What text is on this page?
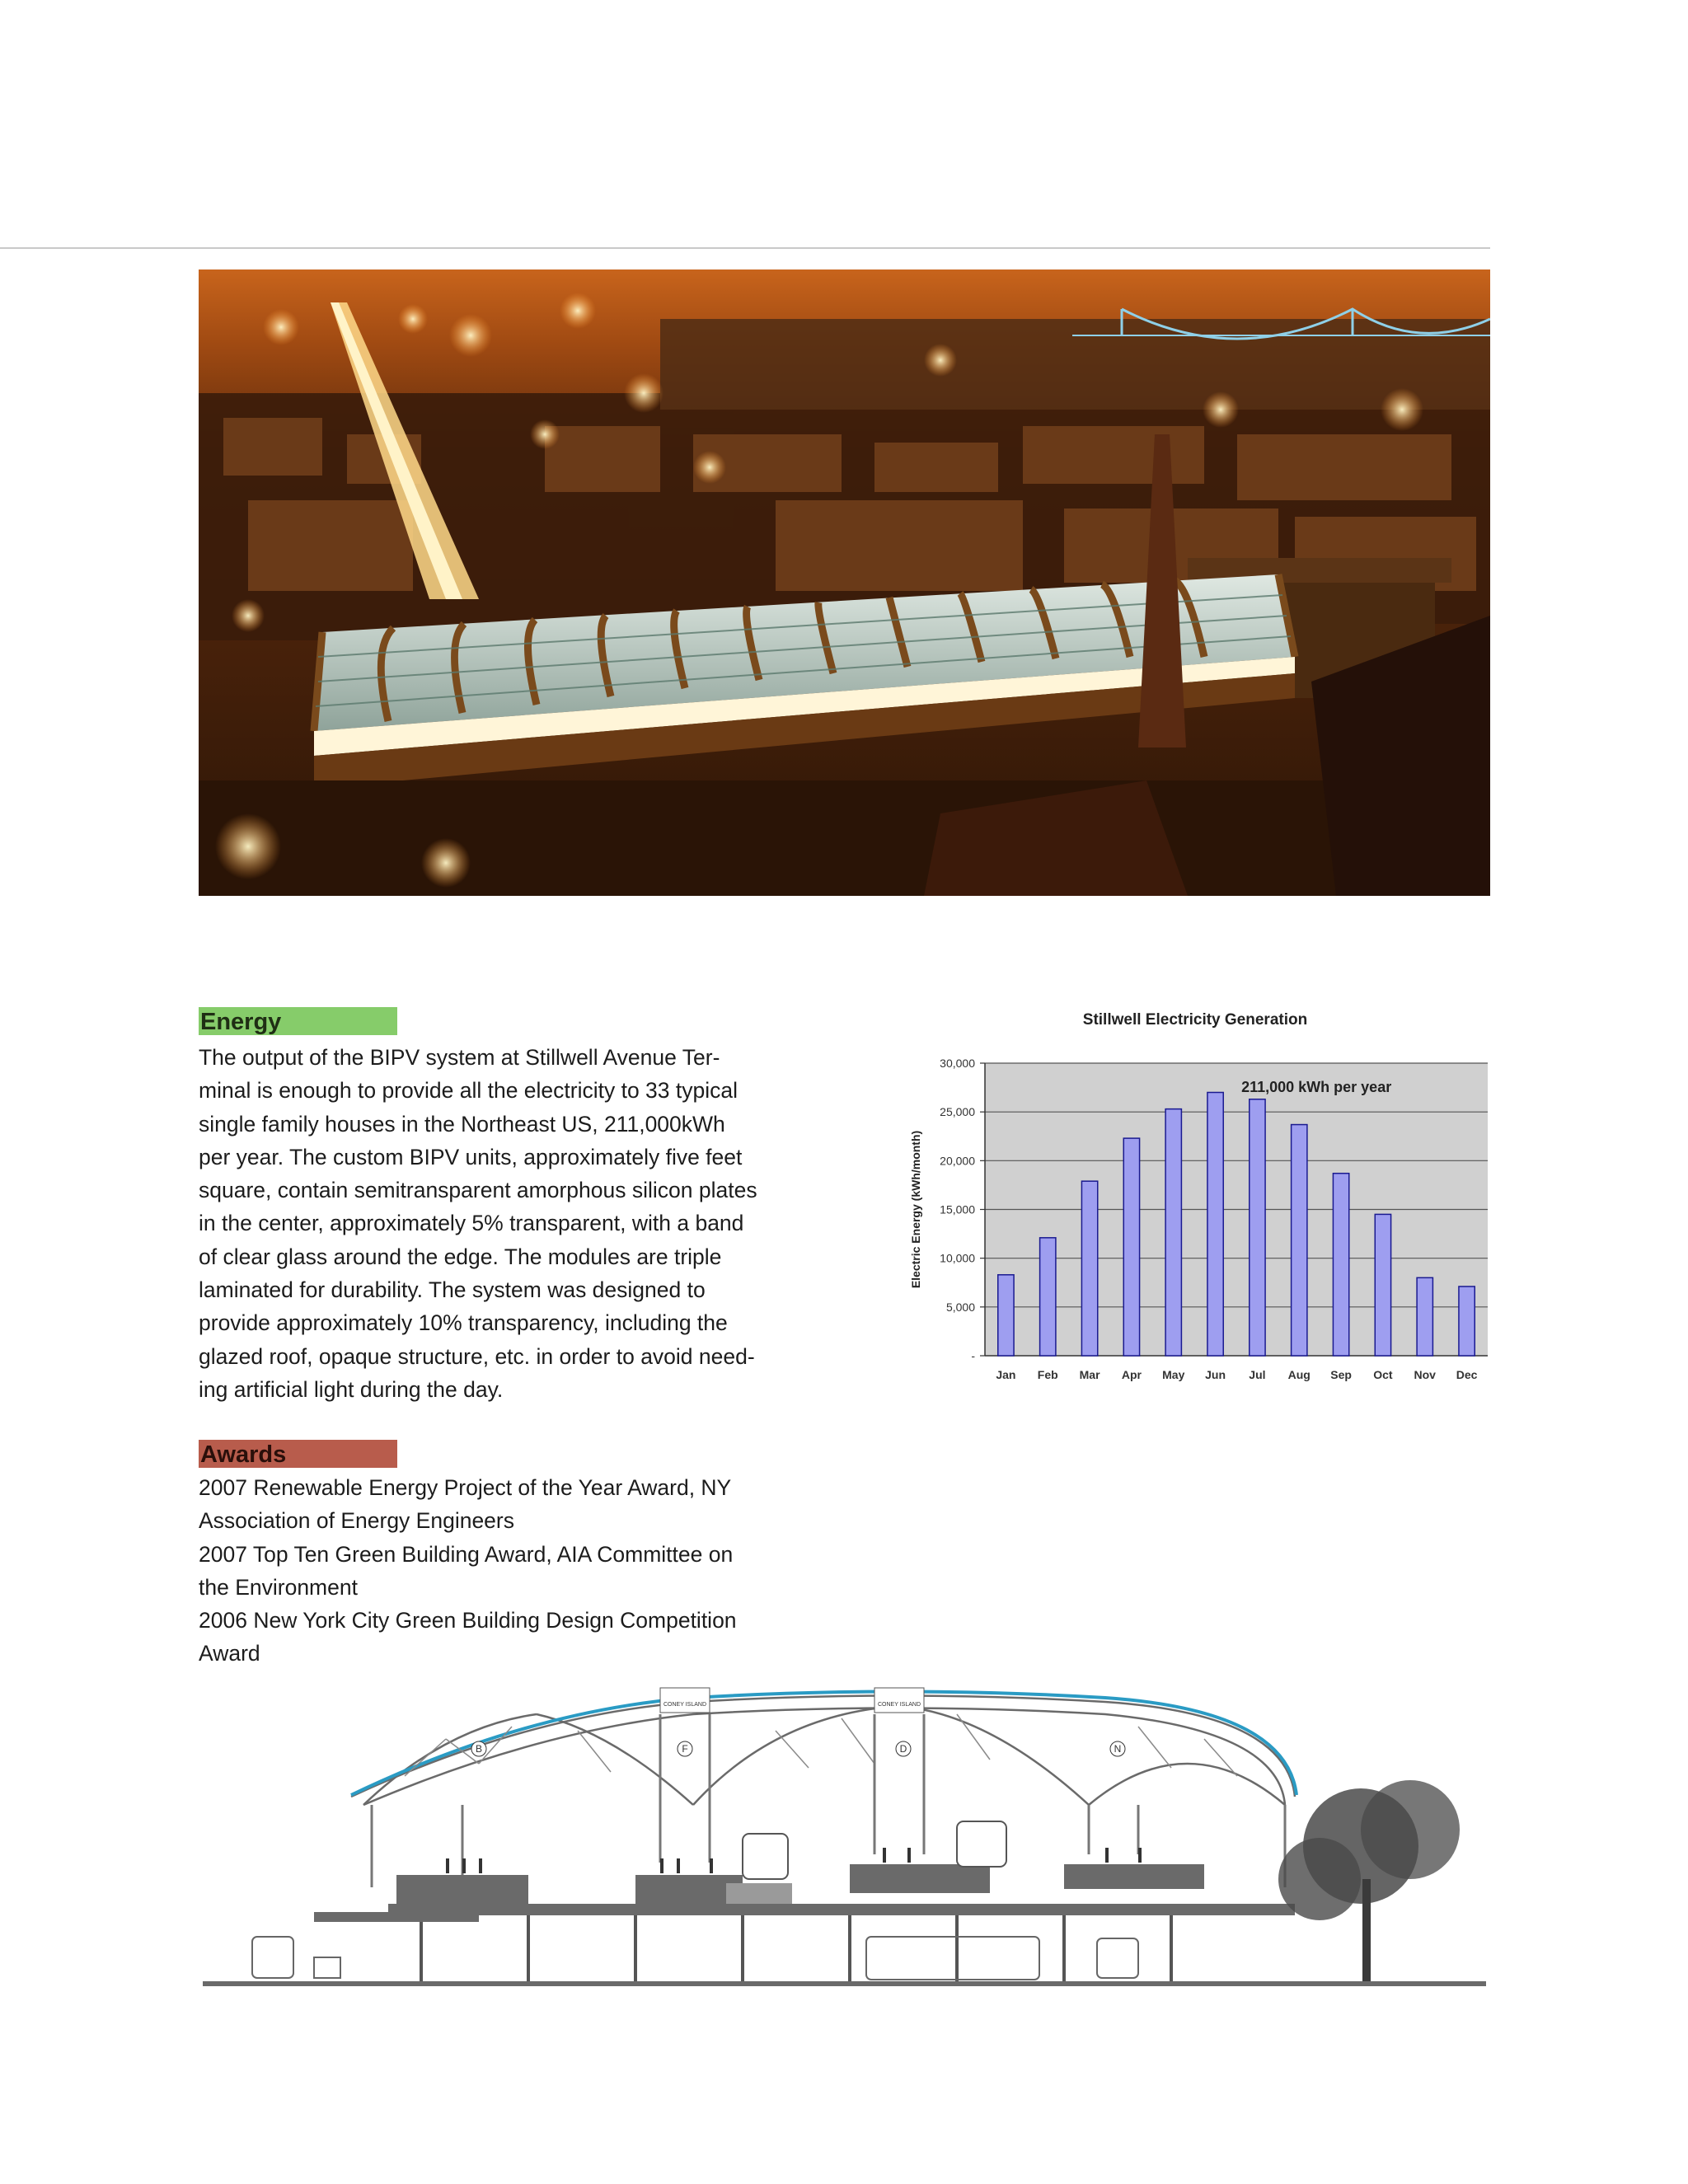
Energy
The output of the BIPV system at Stillwell Avenue Ter-
minal is enough to provide all the electricity to 33 typical
single family houses in the Northeast US, 211,000kWh
per year. The custom BIPV units, approximately five feet
square, contain semitransparent amorphous silicon plates
in the center, approximately 5% transparent, with a band
of clear glass around the edge. The modules are triple
laminated for durability. The system was designed to
provide approximately 10% transparency, including the
glazed roof, opaque structure, etc. in order to avoid need-
ing artificial light during the day.
Awards
2007 Renewable Energy Project of the Year Award, NY
Association of Energy Engineers
2007 Top Ten Green Building Award, AIA Committee on
the Environment
2006 New York City Green Building Design Competition
Award
Stillwell Electricity Generation
Electric Energy (kWh/month)
-
5,000
10,000
15,000
20,000
25,000
30,000
Jan Feb Mar Apr May Jun Jul Aug Sep Oct Nov Dec
211,000 kWh per year
CONEY ISLAND	CONEY ISLAND
B	F	D	N
